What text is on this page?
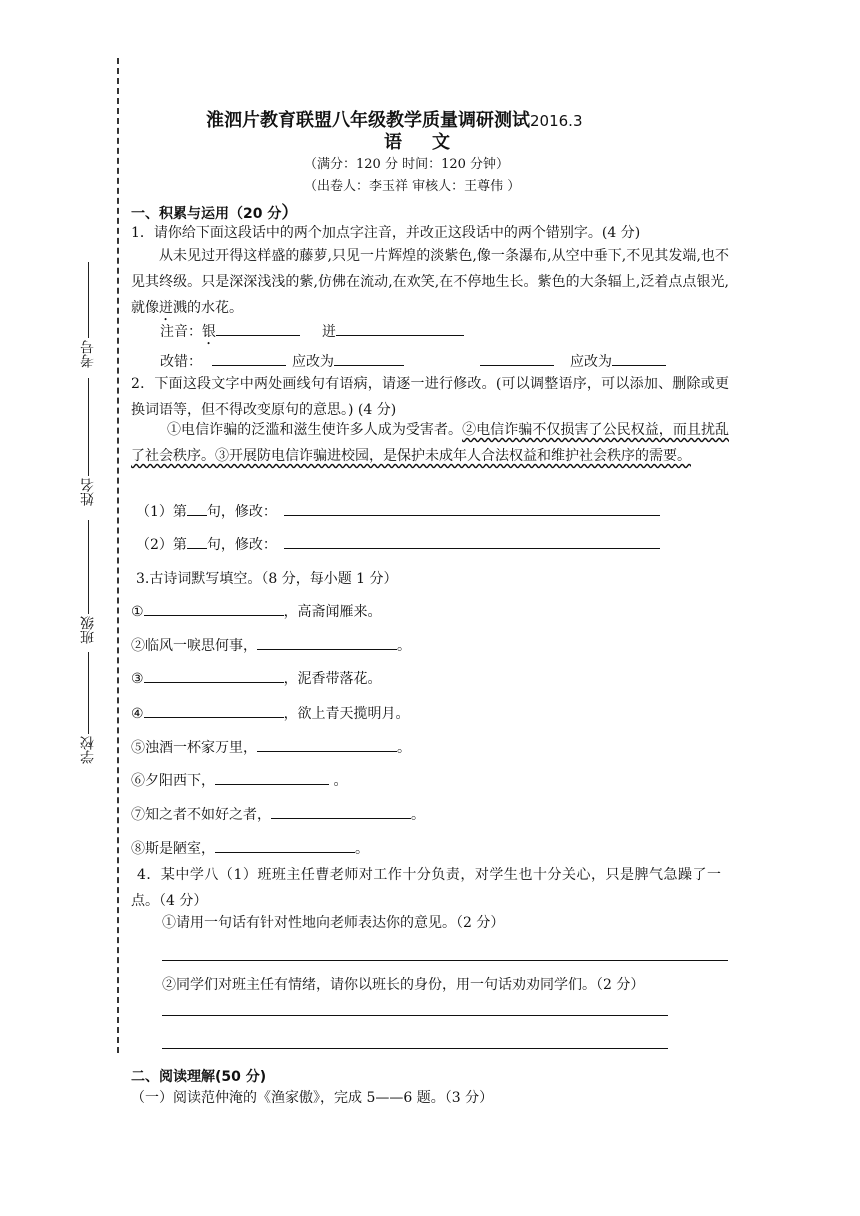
考号
姓名
班级
学校
淮泗片教育联盟八年级教学质量调研测试2016.3
语文
（满分：120 分 时间：120 分钟）
（出卷人：李玉祥 审核人：王尊伟 ）
一、积累与运用（20 分）
1．请你给下面这段话中的两个加点字注音，并改正这段话中的两个错别字。(4 分)
从未见过开得这样盛的藤萝,只见一片辉煌的淡紫色,像一条瀑布,从空中垂下,不见其发端,也不见其终级。只是深深浅浅的紫,仿佛在流动,在欢笑,在不停地生长。紫色的大条辐上,泛着点点银光,就像迸溅的水花。
注音：银	迸
改错：	应改为	应改为
2．下面这段文字中两处画线句有语病，请逐一进行修改。(可以调整语序，可以添加、删除或更换词语等，但不得改变原句的意思。) (4 分)
①电信诈骗的泛滥和滋生使许多人成为受害者。②电信诈骗不仅损害了公民权益，而且扰乱了社会秩序。③开展防电信诈骗进校园，是保护未成年人合法权益和维护社会秩序的需要。
（1）第 句，修改：
（2）第 句，修改：
3.古诗词默写填空。（8 分，每小题 1 分）
①	，高斋闻雁来。
②临风一唳思何事，	。
③	，泥香带落花。
④	，欲上青天揽明月。
⑤浊酒一杯家万里，	。
⑥夕阳西下，	。
⑦知之者不如好之者，	。
⑧斯是陋室，	。
4．某中学八（1）班班主任曹老师对工作十分负责，对学生也十分关心，只是脾气急躁了一点。（4 分）
①请用一句话有针对性地向老师表达你的意见。（2 分）
②同学们对班主任有情绪，请你以班长的身份，用一句话劝劝同学们。（2 分）
二、阅读理解(50 分)
（一）阅读范仲淹的《渔家傲》，完成 5——6 题。（3 分）
